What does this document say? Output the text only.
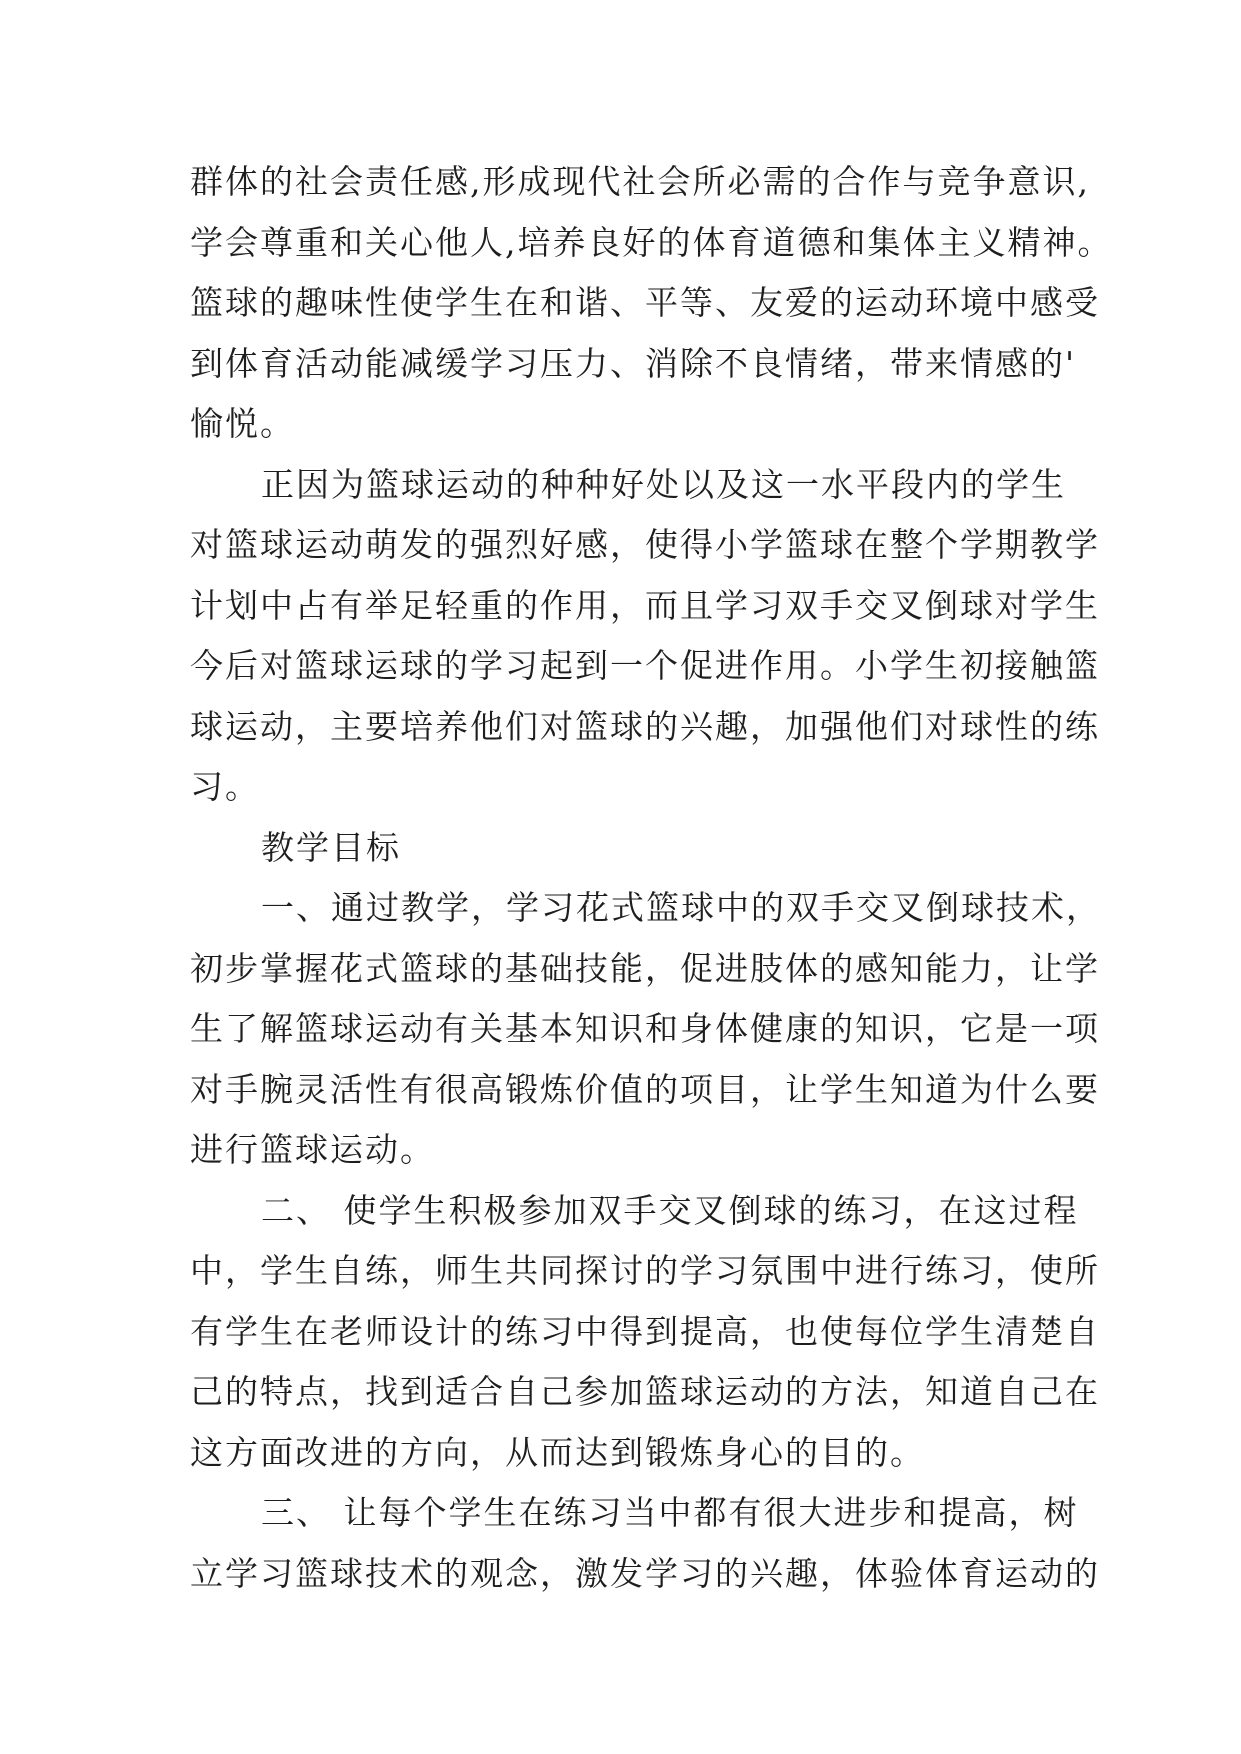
群体的社会责任感,形成现代社会所必需的合作与竞争意识,
学会尊重和关心他人,培养良好的体育道德和集体主义精神。
篮球的趣味性使学生在和谐、平等、友爱的运动环境中感受
到体育活动能减缓学习压力、消除不良情绪，带来情感的'
愉悦。
正因为篮球运动的种种好处以及这一水平段内的学生
对篮球运动萌发的强烈好感，使得小学篮球在整个学期教学
计划中占有举足轻重的作用，而且学习双手交叉倒球对学生
今后对篮球运球的学习起到一个促进作用。小学生初接触篮
球运动，主要培养他们对篮球的兴趣，加强他们对球性的练
习。
教学目标
一、通过教学，学习花式篮球中的双手交叉倒球技术，
初步掌握花式篮球的基础技能，促进肢体的感知能力，让学
生了解篮球运动有关基本知识和身体健康的知识，它是一项
对手腕灵活性有很高锻炼价值的项目，让学生知道为什么要
进行篮球运动。
二、 使学生积极参加双手交叉倒球的练习，在这过程
中，学生自练，师生共同探讨的学习氛围中进行练习，使所
有学生在老师设计的练习中得到提高，也使每位学生清楚自
己的特点，找到适合自己参加篮球运动的方法，知道自己在
这方面改进的方向，从而达到锻炼身心的目的。
三、 让每个学生在练习当中都有很大进步和提高，树
立学习篮球技术的观念，激发学习的兴趣，体验体育运动的
